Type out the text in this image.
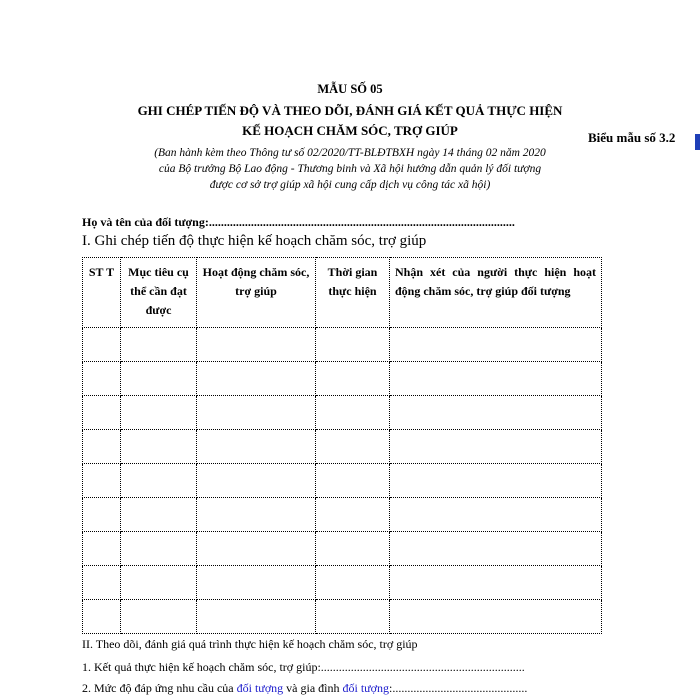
Biểu mẫu số 3.2
MẪU SỐ 05
GHI CHÉP TIẾN ĐỘ VÀ THEO DÕI, ĐÁNH GIÁ KẾT QUẢ THỰC HIỆN
KẾ HOẠCH CHĂM SÓC, TRỢ GIÚP
(Ban hành kèm theo Thông tư số 02/2020/TT-BLĐTBXH ngày 14 tháng 02 năm 2020
của Bộ trưởng Bộ Lao động - Thương binh và Xã hội hướng dẫn quản lý đối tượng
được cơ sở trợ giúp xã hội cung cấp dịch vụ công tác xã hội)
Họ và tên của đối tượng:......................................................................................................
I. Ghi chép tiến độ thực hiện kế hoạch chăm sóc, trợ giúp
ST T	Mục tiêu cụ thể cần đạt được	Hoạt động chăm sóc, trợ giúp	Thời gian thực hiện	Nhận xét của người thực hiện hoạt động chăm sóc, trợ giúp đối tượng

II. Theo dõi, đánh giá quá trình thực hiện kế hoạch chăm sóc, trợ giúp
1. Kết quả thực hiện kế hoạch chăm sóc, trợ giúp:....................................................................
2. Mức độ đáp ứng nhu cầu của đối tượng và gia đình đối tượng:.............................................
